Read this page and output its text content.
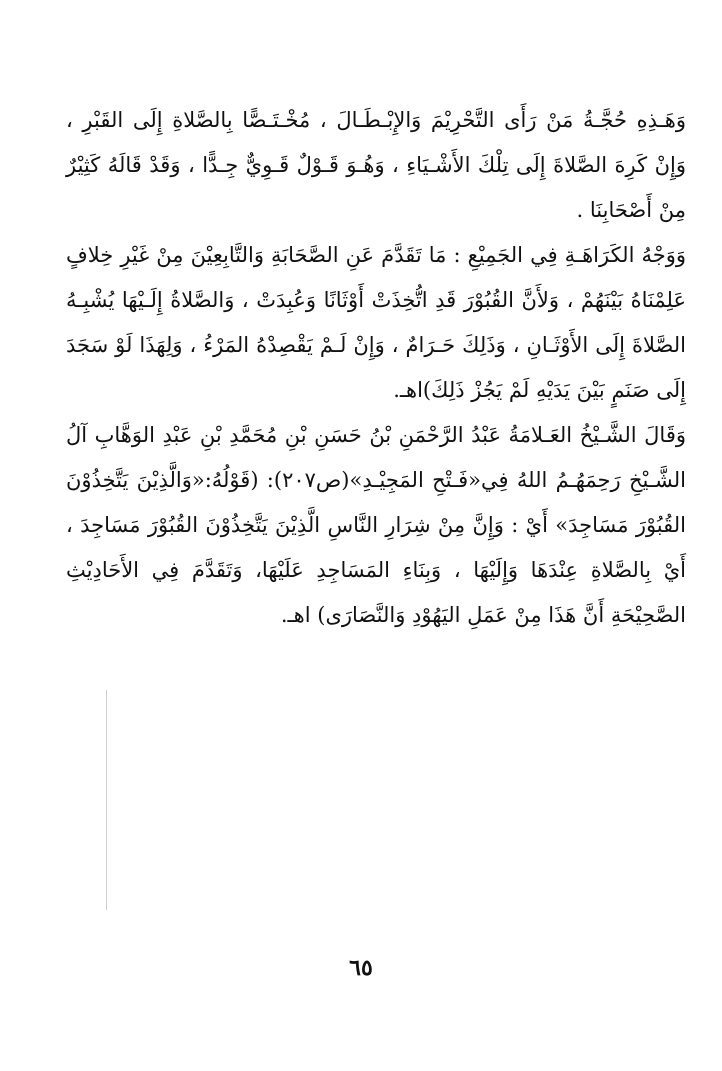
وَهَـذِهِ حُجَّـةُ مَنْ رَأَى التَّحْرِيْمَ وَالإِبْـطَـالَ ، مُخْـتَـصًّا بِالصَّلاةِ إِلَى القَبْرِ ، وَإِنْ كَرِهَ الصَّلاةَ إِلَى تِلْكَ الأَشْـيَاءِ ، وَهُـوَ قَـوْلٌ قَـوِيٌّ جِـدًّا ، وَقَدْ قَالَهُ كَثِيْرٌ مِنْ أَصْحَابِنَا .

وَوَجْهُ الكَرَاهَـةِ فِي الجَمِيْعِ : مَا تَقَدَّمَ عَنِ الصَّحَابَةِ وَالتَّابِعِيْنَ مِنْ غَيْرِ خِلافٍ عَلِمْنَاهُ بَيْنَهُمْ ، وَلأَنَّ القُبُوْرَ قَدِ اتُّخِذَتْ أَوْثَانًا وَعُبِدَتْ ، وَالصَّلاةُ إِلَـيْهَا يُشْبِـهُ الصَّلاةَ إِلَى الأَوْثَـانِ ، وَذَلِكَ حَـرَامٌ ، وَإِنْ لَـمْ يَقْصِدْهُ المَرْءُ ، وَلِهَذَا لَوْ سَجَدَ إِلَى صَنَمٍ بَيْنَ يَدَيْهِ لَمْ يَجُزْ ذَلِكَ)اهـ.

وَقَالَ الشَّـيْخُ العَـلامَةُ عَبْدُ الرَّحْمَنِ بْنُ حَسَنِ بْنِ مُحَمَّدِ بْنِ عَبْدِ الوَهَّابِ آلُ الشَّـيْخِ رَحِمَهُـمُ اللهُ فِي«فَـتْحِ المَجِيْـدِ»(ص٢٠٧): (قَوْلُهُ:«وَالَّذِيْنَ يَتَّخِذُوْنَ القُبُوْرَ مَسَاجِدَ» أَيْ : وَإِنَّ مِنْ شِرَارِ النَّاسِ الَّذِيْنَ يَتَّخِذُوْنَ القُبُوْرَ مَسَاجِدَ ، أَيْ بِالصَّلاةِ عِنْدَهَا وَإِلَيْهَا ، وَبِنَاءِ المَسَاجِدِ عَلَيْهَا، وَتَقَدَّمَ فِي الأَحَادِيْثِ الصَّحِيْحَةِ أَنَّ هَذَا مِنْ عَمَلِ اليَهُوْدِ وَالنَّصَارَى) اهـ.

٦٥
